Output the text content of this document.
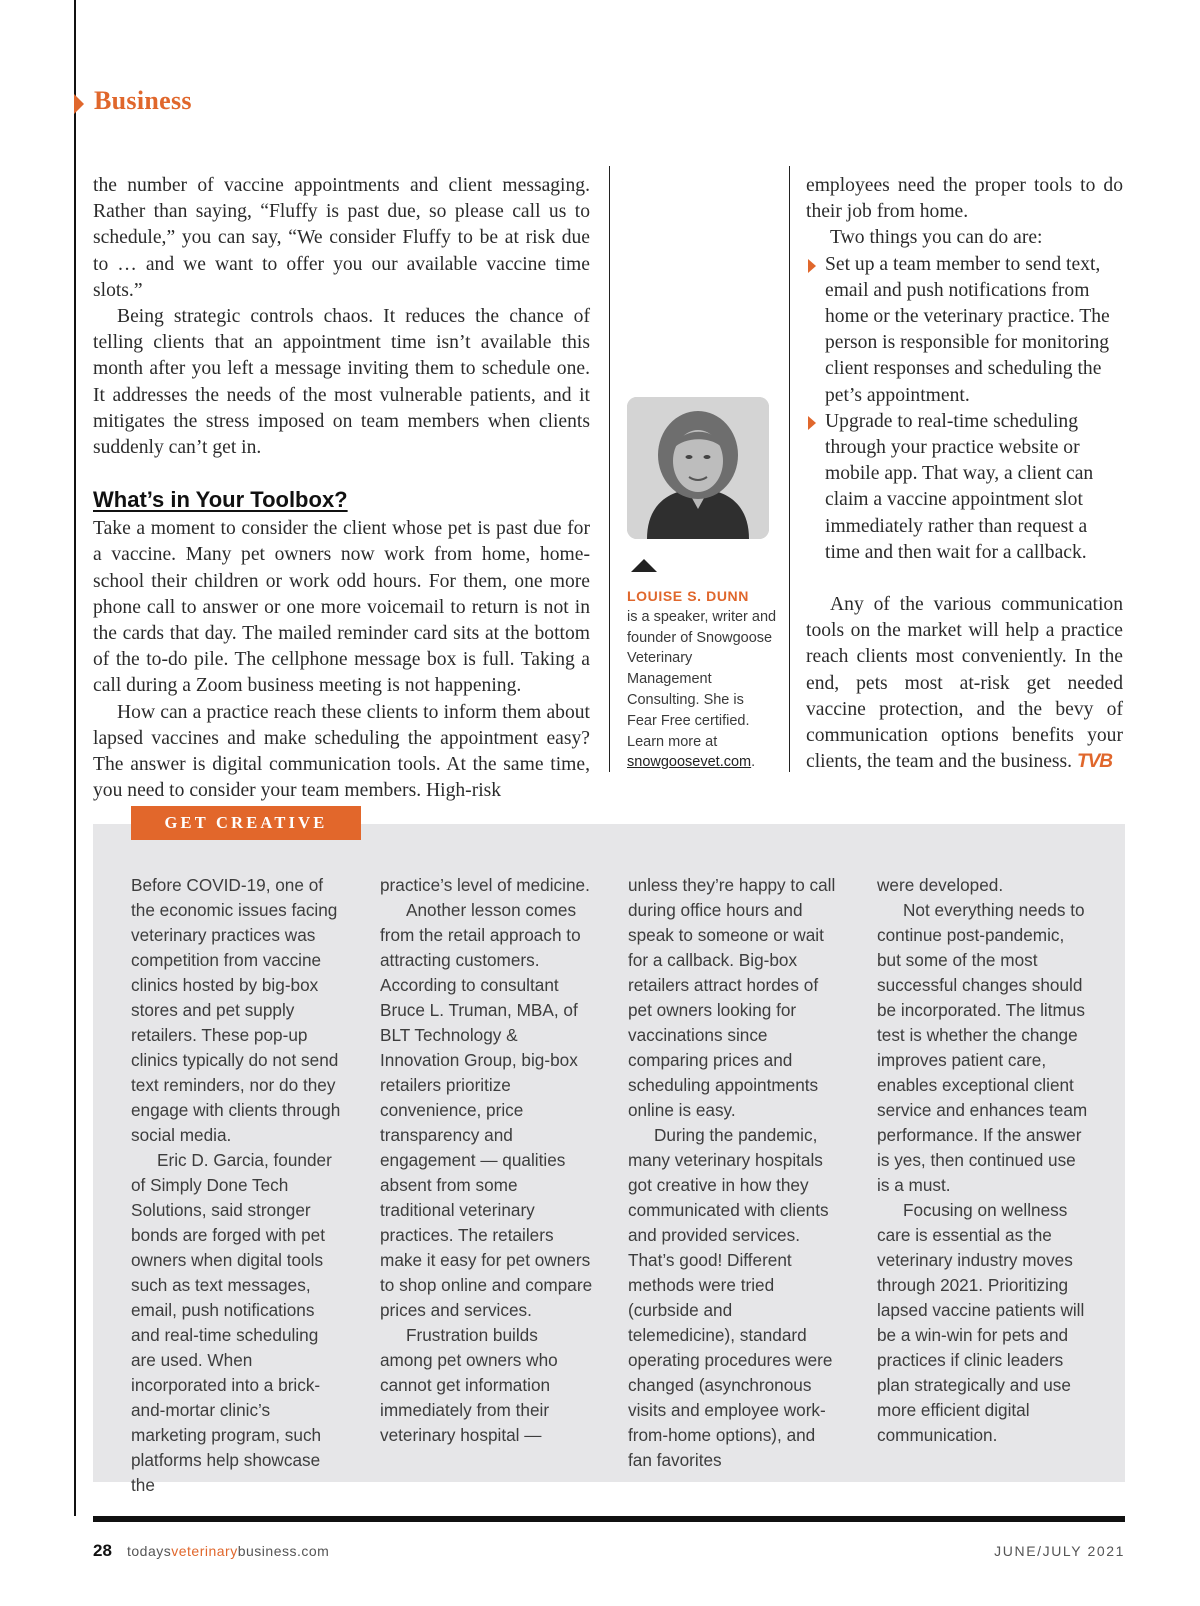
Business

the number of vaccine appointments and client messaging. Rather than saying, “Fluffy is past due, so please call us to schedule,” you can say, “We consider Fluffy to be at risk due to … and we want to offer you our available vaccine time slots.”

Being strategic controls chaos. It reduces the chance of telling clients that an appointment time isn’t available this month after you left a message inviting them to schedule one. It addresses the needs of the most vulnerable patients, and it mitigates the stress imposed on team members when clients suddenly can’t get in.

What’s in Your Toolbox?

Take a moment to consider the client whose pet is past due for a vaccine. Many pet owners now work from home, home-school their children or work odd hours. For them, one more phone call to answer or one more voicemail to return is not in the cards that day. The mailed reminder card sits at the bottom of the to-do pile. The cellphone message box is full. Taking a call during a Zoom business meeting is not happening.

How can a practice reach these clients to inform them about lapsed vaccines and make scheduling the appointment easy? The answer is digital communication tools. At the same time, you need to consider your team members. High-risk

LOUISE S. DUNN
is a speaker, writer and founder of Snowgoose Veterinary Management Consulting. She is Fear Free certified. Learn more at snowgoosevet.com.

employees need the proper tools to do their job from home.

Two things you can do are:

Set up a team member to send text, email and push notifications from home or the veterinary practice. The person is responsible for monitoring client responses and scheduling the pet’s appointment.
Upgrade to real-time scheduling through your practice website or mobile app. That way, a client can claim a vaccine appointment slot immediately rather than request a time and then wait for a callback.

Any of the various communication tools on the market will help a practice reach clients most conveniently. In the end, pets most at-risk get needed vaccine protection, and the bevy of communication options benefits your clients, the team and the business. TVB

GET CREATIVE

Before COVID-19, one of the economic issues facing veterinary practices was competition from vaccine clinics hosted by big-box stores and pet supply retailers. These pop-up clinics typically do not send text reminders, nor do they engage with clients through social media.

Eric D. Garcia, founder of Simply Done Tech Solutions, said stronger bonds are forged with pet owners when digital tools such as text messages, email, push notifications and real-time scheduling are used. When incorporated into a brick-and-mortar clinic’s marketing program, such platforms help showcase the

practice’s level of medicine.

Another lesson comes from the retail approach to attracting customers. According to consultant Bruce L. Truman, MBA, of BLT Technology & Innovation Group, big-box retailers prioritize convenience, price transparency and engagement — qualities absent from some traditional veterinary practices. The retailers make it easy for pet owners to shop online and compare prices and services.

Frustration builds among pet owners who cannot get information immediately from their veterinary hospital —

unless they’re happy to call during office hours and speak to someone or wait for a callback. Big-box retailers attract hordes of pet owners looking for vaccinations since comparing prices and scheduling appointments online is easy.

During the pandemic, many veterinary hospitals got creative in how they communicated with clients and provided services. That’s good! Different methods were tried (curbside and telemedicine), standard operating procedures were changed (asynchronous visits and employee work-from-home options), and fan favorites

were developed.

Not everything needs to continue post-pandemic, but some of the most successful changes should be incorporated. The litmus test is whether the change improves patient care, enables exceptional client service and enhances team performance. If the answer is yes, then continued use is a must.

Focusing on wellness care is essential as the veterinary industry moves through 2021. Prioritizing lapsed vaccine patients will be a win-win for pets and practices if clinic leaders plan strategically and use more efficient digital communication.

28 todaysveterinarybusiness.com	JUNE/JULY 2021
